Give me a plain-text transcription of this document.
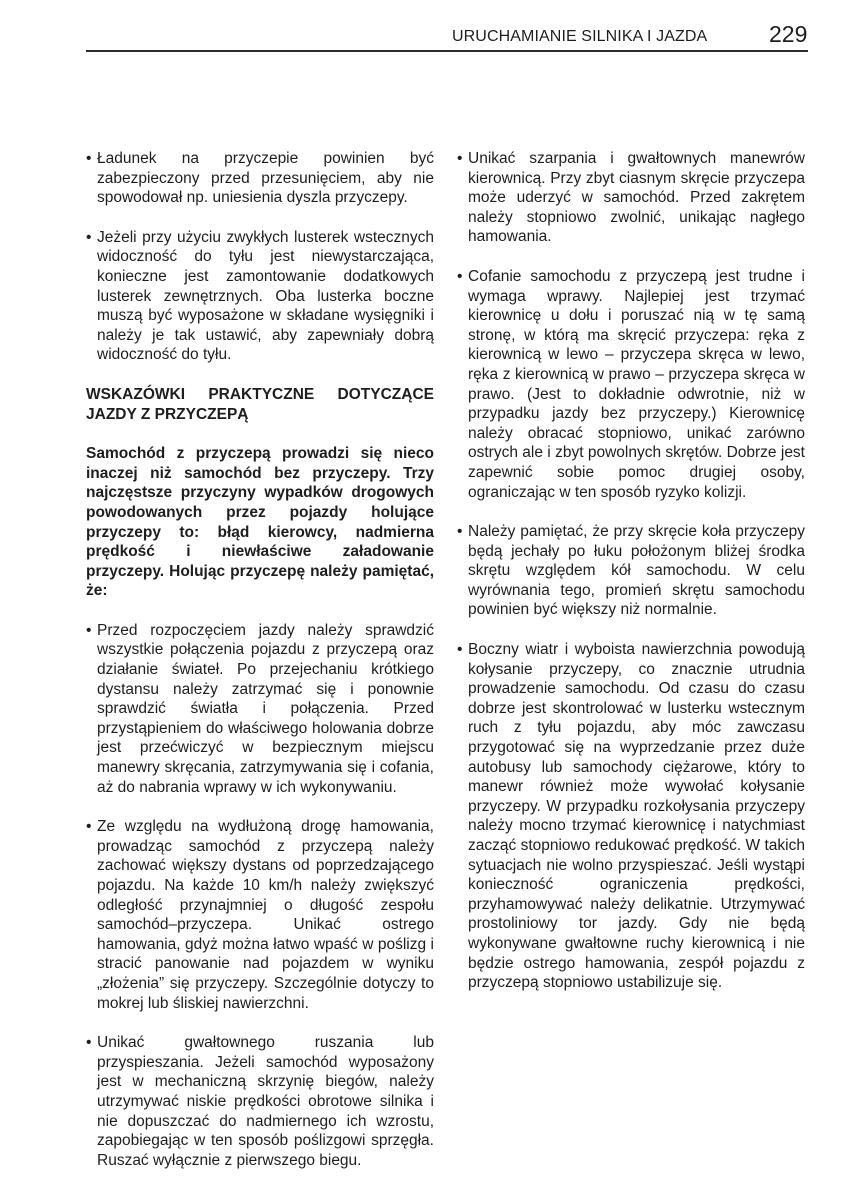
URUCHAMIANIE SILNIKA I JAZDA	229
• Ładunek na przyczepie powinien być zabezpieczony przed przesunięciem, aby nie spowodował np. uniesienia dyszla przyczepy.
• Jeżeli przy użyciu zwykłych lusterek wstecznych widoczność do tyłu jest niewystarczająca, konieczne jest zamontowanie dodatkowych lusterek zewnętrznych. Oba lusterka boczne muszą być wyposażone w składane wysięgniki i należy je tak ustawić, aby zapewniały dobrą widoczność do tyłu.
WSKAZÓWKI PRAKTYCZNE DOTYCZĄCE JAZDY Z PRZYCZEPĄ
Samochód z przyczepą prowadzi się nieco inaczej niż samochód bez przyczepy. Trzy najczęstsze przyczyny wypadków drogowych powodowanych przez pojazdy holujące przyczepy to: błąd kierowcy, nadmierna prędkość i niewłaściwe załadowanie przyczepy. Holując przyczepę należy pamiętać, że:
• Przed rozpoczęciem jazdy należy sprawdzić wszystkie połączenia pojazdu z przyczepą oraz działanie świateł. Po przejechaniu krótkiego dystansu należy zatrzymać się i ponownie sprawdzić światła i połączenia. Przed przystąpieniem do właściwego holowania dobrze jest przećwiczyć w bezpiecznym miejscu manewry skręcania, zatrzymywania się i cofania, aż do nabrania wprawy w ich wykonywaniu.
• Ze względu na wydłużoną drogę hamowania, prowadząc samochód z przyczepą należy zachować większy dystans od poprzedzającego pojazdu. Na każde 10 km/h należy zwiększyć odległość przynajmniej o długość zespołu samochód–przyczepa. Unikać ostrego hamowania, gdyż można łatwo wpaść w poślizg i stracić panowanie nad pojazdem w wyniku „złożenia” się przyczepy. Szczególnie dotyczy to mokrej lub śliskiej nawierzchni.
• Unikać gwałtownego ruszania lub przyspieszania. Jeżeli samochód wyposażony jest w mechaniczną skrzynię biegów, należy utrzymywać niskie prędkości obrotowe silnika i nie dopuszczać do nadmiernego ich wzrostu, zapobiegając w ten sposób poślizgowi sprzęgła. Ruszać wyłącznie z pierwszego biegu.
• Unikać szarpania i gwałtownych manewrów kierownicą. Przy zbyt ciasnym skręcie przyczepa może uderzyć w samochód. Przed zakrętem należy stopniowo zwolnić, unikając nagłego hamowania.
• Cofanie samochodu z przyczepą jest trudne i wymaga wprawy. Najlepiej jest trzymać kierownicę u dołu i poruszać nią w tę samą stronę, w którą ma skręcić przyczepa: ręka z kierownicą w lewo – przyczepa skręca w lewo, ręka z kierownicą w prawo – przyczepa skręca w prawo. (Jest to dokładnie odwrotnie, niż w przypadku jazdy bez przyczepy.) Kierownicę należy obracać stopniowo, unikać zarówno ostrych ale i zbyt powolnych skrętów. Dobrze jest zapewnić sobie pomoc drugiej osoby, ograniczając w ten sposób ryzyko kolizji.
• Należy pamiętać, że przy skręcie koła przyczepy będą jechały po łuku położonym bliżej środka skrętu względem kół samochodu. W celu wyrównania tego, promień skrętu samochodu powinien być większy niż normalnie.
• Boczny wiatr i wyboista nawierzchnia powodują kołysanie przyczepy, co znacznie utrudnia prowadzenie samochodu. Od czasu do czasu dobrze jest skontrolować w lusterku wstecznym ruch z tyłu pojazdu, aby móc zawczasu przygotować się na wyprzedzanie przez duże autobusy lub samochody ciężarowe, który to manewr również może wywołać kołysanie przyczepy. W przypadku rozkołysania przyczepy należy mocno trzymać kierownicę i natychmiast zacząć stopniowo redukować prędkość. W takich sytuacjach nie wolno przyspieszać. Jeśli wystąpi konieczność ograniczenia prędkości, przyhamowywać należy delikatnie. Utrzymywać prostoliniowy tor jazdy. Gdy nie będą wykonywane gwałtowne ruchy kierownicą i nie będzie ostrego hamowania, zespół pojazdu z przyczepą stopniowo ustabilizuje się.
